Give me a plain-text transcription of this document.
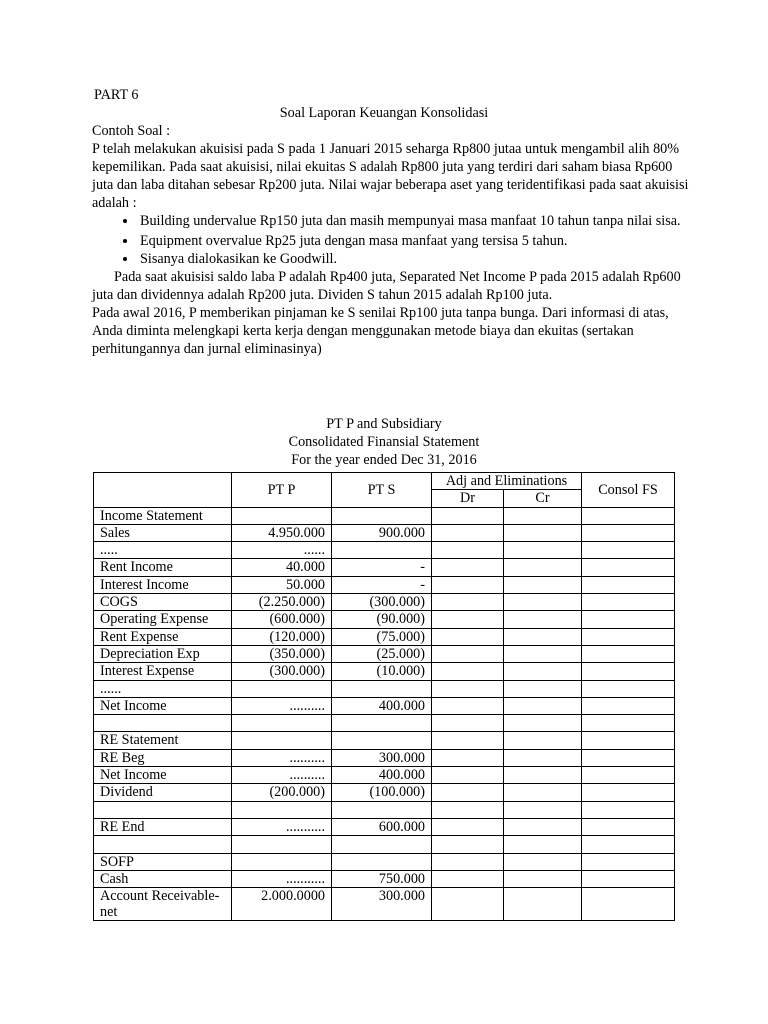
PART 6
Soal Laporan Keuangan Konsolidasi

Contoh Soal :

P telah melakukan akuisisi pada S pada 1 Januari 2015 seharga Rp800 jutaa untuk mengambil alih 80% kepemilikan. Pada saat akuisisi, nilai ekuitas S adalah Rp800 juta yang terdiri dari saham biasa Rp600 juta dan laba ditahan sebesar Rp200 juta. Nilai wajar beberapa aset yang teridentifikasi pada saat akuisisi adalah :

• Building undervalue Rp150 juta dan masih mempunyai masa manfaat 10 tahun tanpa nilai sisa.
• Equipment overvalue Rp25 juta dengan masa manfaat yang tersisa 5 tahun.
• Sisanya dialokasikan ke Goodwill.

Pada saat akuisisi saldo laba P adalah Rp400 juta, Separated Net Income P pada 2015 adalah Rp600 juta dan dividennya adalah Rp200 juta. Dividen S tahun 2015 adalah Rp100 juta.

Pada awal 2016, P memberikan pinjaman ke S senilai Rp100 juta tanpa bunga. Dari informasi di atas, Anda diminta melengkapi kerta kerja dengan menggunakan metode biaya dan ekuitas (sertakan perhitungannya dan jurnal eliminasinya)

PT P and Subsidiary
Consolidated Finansial Statement
For the year ended Dec 31, 2016
	PT P	PT S	Adj and Eliminations		Consol FS
			Dr	Cr	
Income Statement					
Sales	4.950.000	900.000			
.....	......				
Rent Income	40.000	-			
Interest Income	50.000	-			
COGS	(2.250.000)	(300.000)			
Operating Expense	(600.000)	(90.000)			
Rent Expense	(120.000)	(75.000)			
Depreciation Exp	(350.000)	(25.000)			
Interest Expense	(300.000)	(10.000)			
......					
Net Income	..........	400.000			

RE Statement					
RE Beg	..........	300.000			
Net Income	..........	400.000			
Dividend	(200.000)	(100.000)			

RE End	...........	600.000			

SOFP					
Cash	...........	750.000			
Account Receivable-net	2.000.0000	300.000			
